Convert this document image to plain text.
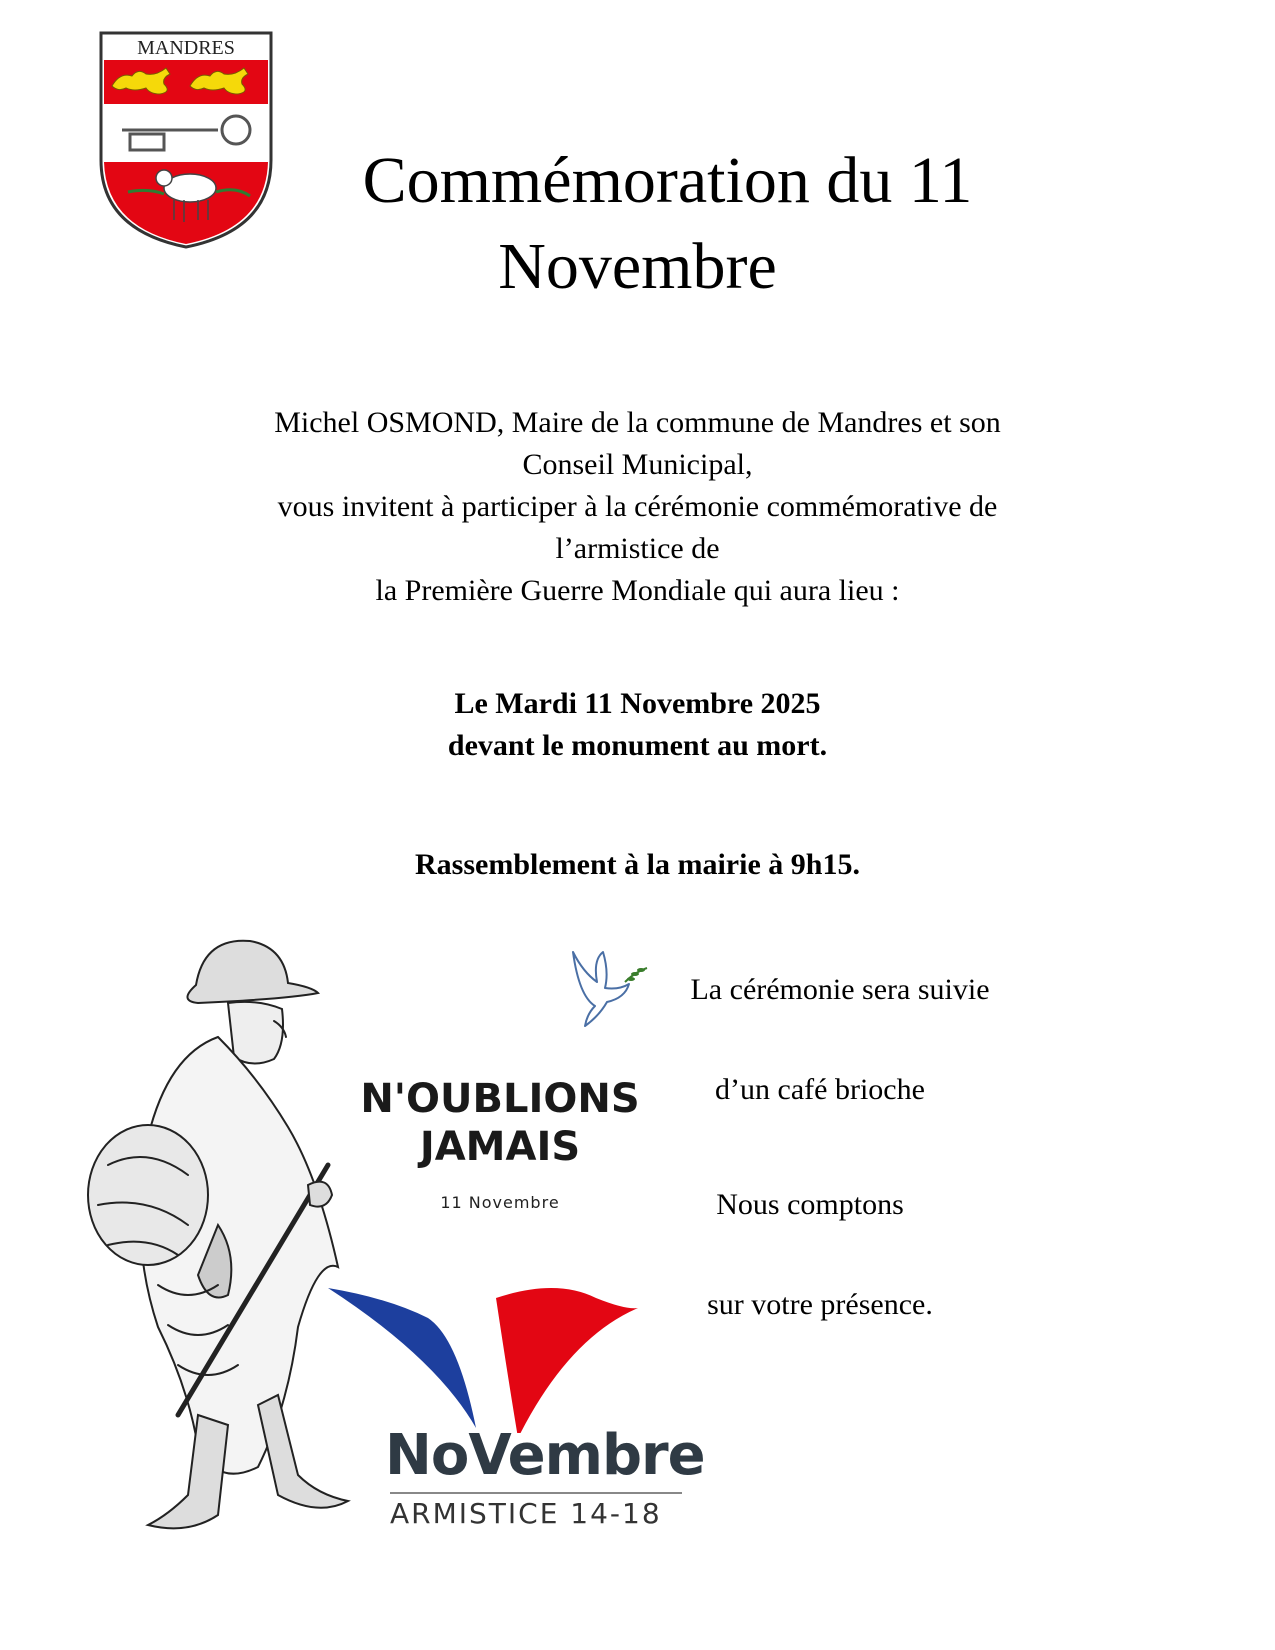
MANDRES
Commémoration du 11
Novembre
Michel OSMOND, Maire de la commune de Mandres et son
Conseil Municipal,
vous invitent à participer à la cérémonie commémorative de
l’armistice de
la Première Guerre Mondiale qui aura lieu :
Le Mardi 11 Novembre 2025
devant le monument au mort.
Rassemblement à la mairie à 9h15.
N'OUBLIONS
JAMAIS
11 Novembre
La cérémonie sera suivie
d’un café brioche
Nous comptons
sur votre présence.
NoVembre
ARMISTICE 14-18
